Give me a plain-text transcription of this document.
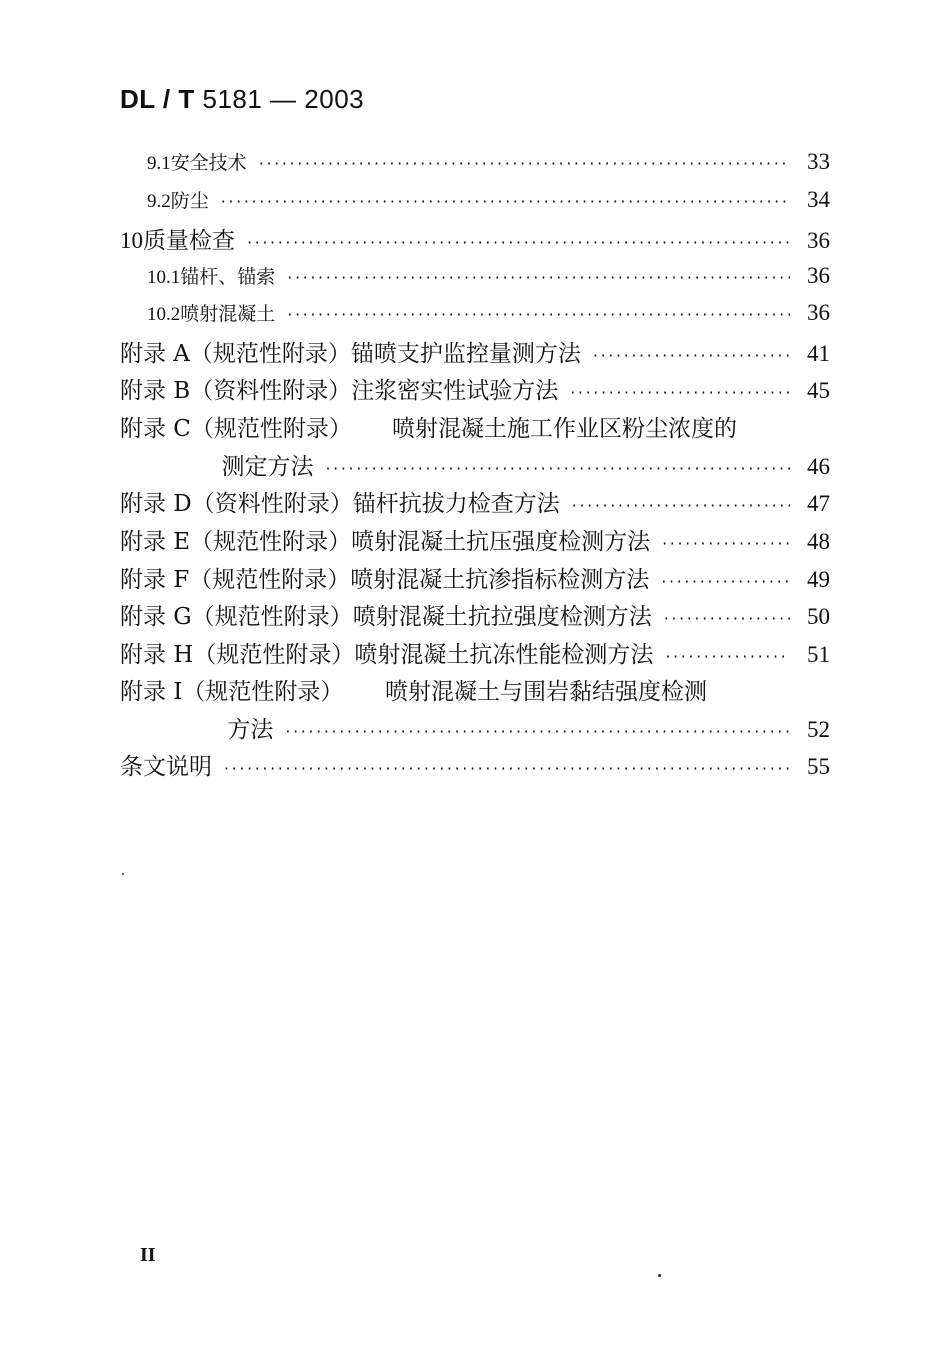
DL / T 5181 — 2003
9.1 安全技术 ·····	33
9.2 防尘 ·····	34
10 质量检查 ·····	36
10.1 锚杆、锚索 ·····	36
10.2 喷射混凝土 ·····	36
附录 A（规范性附录） 锚喷支护监控量测方法 ·····	41
附录 B（资料性附录） 注浆密实性试验方法 ·····	45
附录 C（规范性附录）	喷射混凝土施工作业区粉尘浓度的
测定方法 ·····	46
附录 D（资料性附录） 锚杆抗拔力检查方法 ·····	47
附录 E（规范性附录） 喷射混凝土抗压强度检测方法 ·····	48
附录 F（规范性附录） 喷射混凝土抗渗指标检测方法 ·····	49
附录 G（规范性附录） 喷射混凝土抗拉强度检测方法 ·····	50
附录 H（规范性附录） 喷射混凝土抗冻性能检测方法 ·····	51
附录 I（规范性附录）	喷射混凝土与围岩黏结强度检测
方法 ·····	52
条文说明 ·····	55
II
